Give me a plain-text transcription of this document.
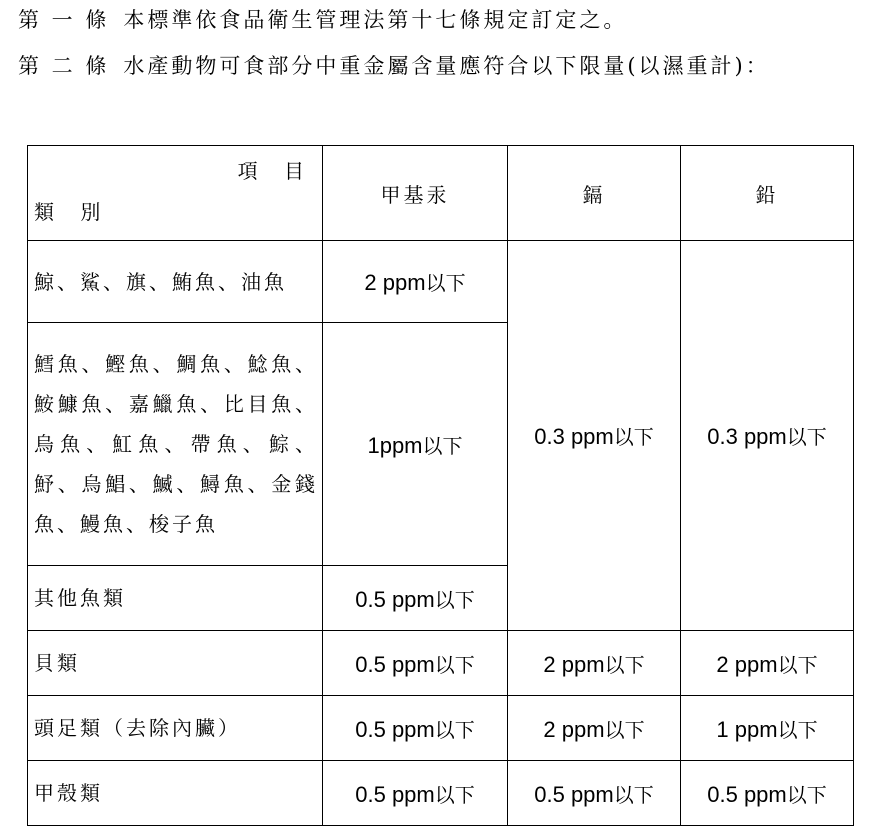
第 一 條 本標準依食品衛生管理法第十七條規定訂定之。
第 二 條 水產動物可食部分中重金屬含量應符合以下限量(以濕重計)：
項 目
類 別	甲基汞	鎘	鉛
鯨、鯊、旗、鮪魚、油魚	2 ppm以下	0.3 ppm以下	0.3 ppm以下
鱈魚、鰹魚、鯛魚、鯰魚、鮟鱇魚、嘉鱲魚、比目魚、烏魚、魟魚、帶魚、鯮、魣、烏鯧、鰄、鱘魚、金錢魚、鰻魚、梭子魚	1ppm以下		
其他魚類	0.5 ppm以下		
貝類	0.5 ppm以下	2 ppm以下	2 ppm以下
頭足類（去除內臟）	0.5 ppm以下	2 ppm以下	1 ppm以下
甲殼類	0.5 ppm以下	0.5 ppm以下	0.5 ppm以下
